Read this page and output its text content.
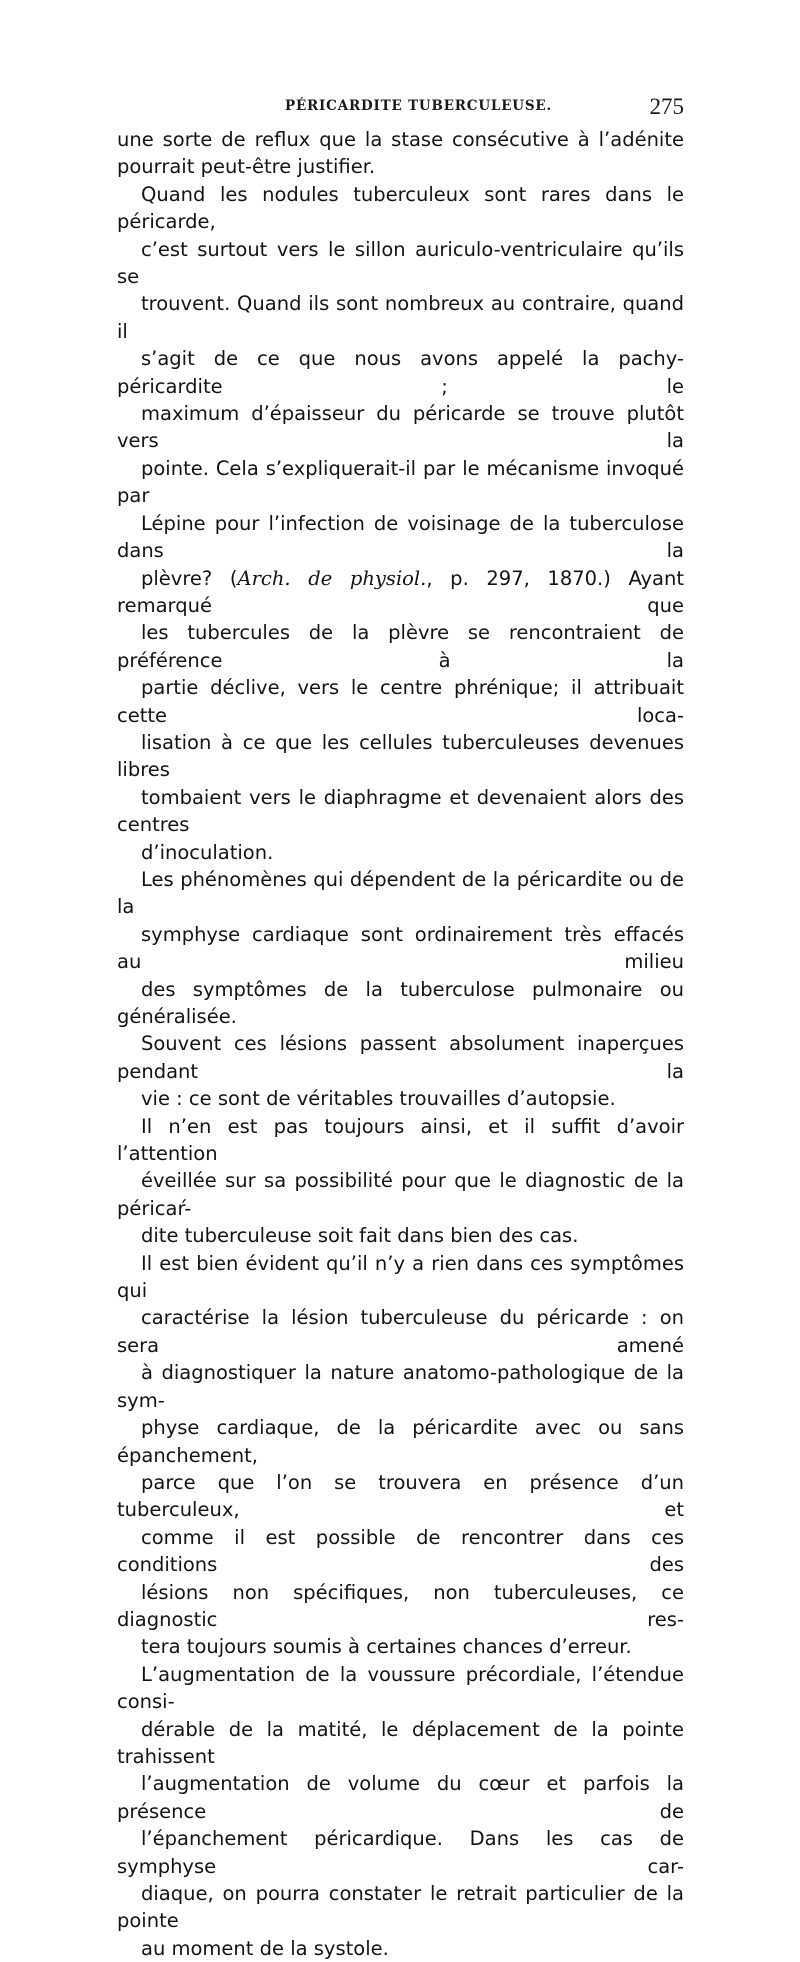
PÉRICARDITE TUBERCULEUSE.	275

une sorte de reflux que la stase consécutive à l’adénite
pourrait peut-être justifier.

Quand les nodules tuberculeux sont rares dans le péricarde,
c’est surtout vers le sillon auriculo-ventriculaire qu’ils se
trouvent. Quand ils sont nombreux au contraire, quand il
s’agit de ce que nous avons appelé la pachy-péricardite ; le
maximum d’épaisseur du péricarde se trouve plutôt vers la
pointe. Cela s’expliquerait-il par le mécanisme invoqué par
Lépine pour l’infection de voisinage de la tuberculose dans la
plèvre? (Arch. de physiol., p. 297, 1870.) Ayant remarqué que
les tubercules de la plèvre se rencontraient de préférence à la
partie déclive, vers le centre phrénique; il attribuait cette loca-
lisation à ce que les cellules tuberculeuses devenues libres
tombaient vers le diaphragme et devenaient alors des centres
d’inoculation.

Les phénomènes qui dépendent de la péricardite ou de la
symphyse cardiaque sont ordinairement très effacés au milieu
des symptômes de la tuberculose pulmonaire ou généralisée.
Souvent ces lésions passent absolument inaperçues pendant la
vie : ce sont de véritables trouvailles d’autopsie.

Il n’en est pas toujours ainsi, et il suffit d’avoir l’attention
éveillée sur sa possibilité pour que le diagnostic de la péricaŕ-
dite tuberculeuse soit fait dans bien des cas.

Il est bien évident qu’il n’y a rien dans ces symptômes qui
caractérise la lésion tuberculeuse du péricarde : on sera amené
à diagnostiquer la nature anatomo-pathologique de la sym-
physe cardiaque, de la péricardite avec ou sans épanchement,
parce que l’on se trouvera en présence d’un tuberculeux, et
comme il est possible de rencontrer dans ces conditions des
lésions non spécifiques, non tuberculeuses, ce diagnostic res-
tera toujours soumis à certaines chances d’erreur.

L’augmentation de la voussure précordiale, l’étendue consi-
dérable de la matité, le déplacement de la pointe trahissent
l’augmentation de volume du cœur et parfois la présence de
l’épanchement péricardique. Dans les cas de symphyse car-
diaque, on pourra constater le retrait particulier de la pointe
au moment de la systole.
